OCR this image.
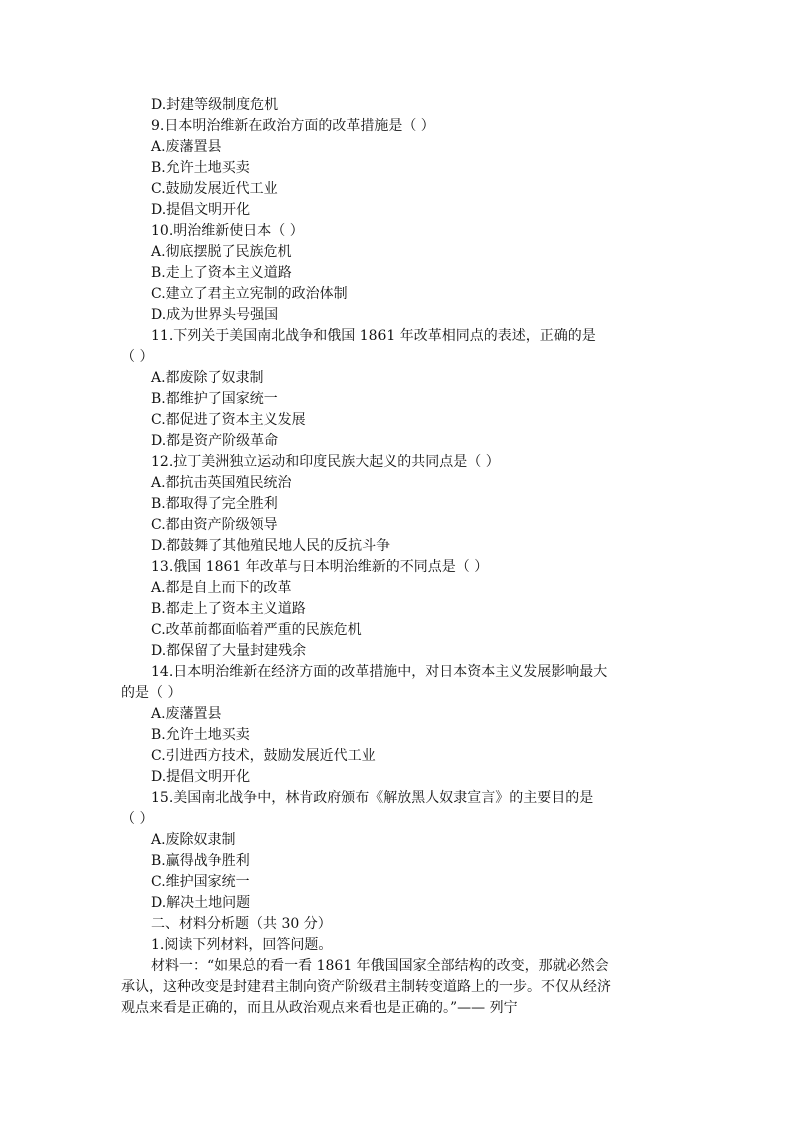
D.封建等级制度危机
9.日本明治维新在政治方面的改革措施是（ ）
A.废藩置县
B.允许土地买卖
C.鼓励发展近代工业
D.提倡文明开化
10.明治维新使日本（ ）
A.彻底摆脱了民族危机
B.走上了资本主义道路
C.建立了君主立宪制的政治体制
D.成为世界头号强国
11.下列关于美国南北战争和俄国 1861 年改革相同点的表述，正确的是
（ ）
A.都废除了奴隶制
B.都维护了国家统一
C.都促进了资本主义发展
D.都是资产阶级革命
12.拉丁美洲独立运动和印度民族大起义的共同点是（ ）
A.都抗击英国殖民统治
B.都取得了完全胜利
C.都由资产阶级领导
D.都鼓舞了其他殖民地人民的反抗斗争
13.俄国 1861 年改革与日本明治维新的不同点是（ ）
A.都是自上而下的改革
B.都走上了资本主义道路
C.改革前都面临着严重的民族危机
D.都保留了大量封建残余
14.日本明治维新在经济方面的改革措施中，对日本资本主义发展影响最大
的是（ ）
A.废藩置县
B.允许土地买卖
C.引进西方技术，鼓励发展近代工业
D.提倡文明开化
15.美国南北战争中，林肯政府颁布《解放黑人奴隶宣言》的主要目的是
（ ）
A.废除奴隶制
B.赢得战争胜利
C.维护国家统一
D.解决土地问题
二、材料分析题（共 30 分）
1.阅读下列材料，回答问题。
材料一：“如果总的看一看 1861 年俄国国家全部结构的改变，那就必然会
承认，这种改变是封建君主制向资产阶级君主制转变道路上的一步。不仅从经济
观点来看是正确的，而且从政治观点来看也是正确的。”—— 列宁
